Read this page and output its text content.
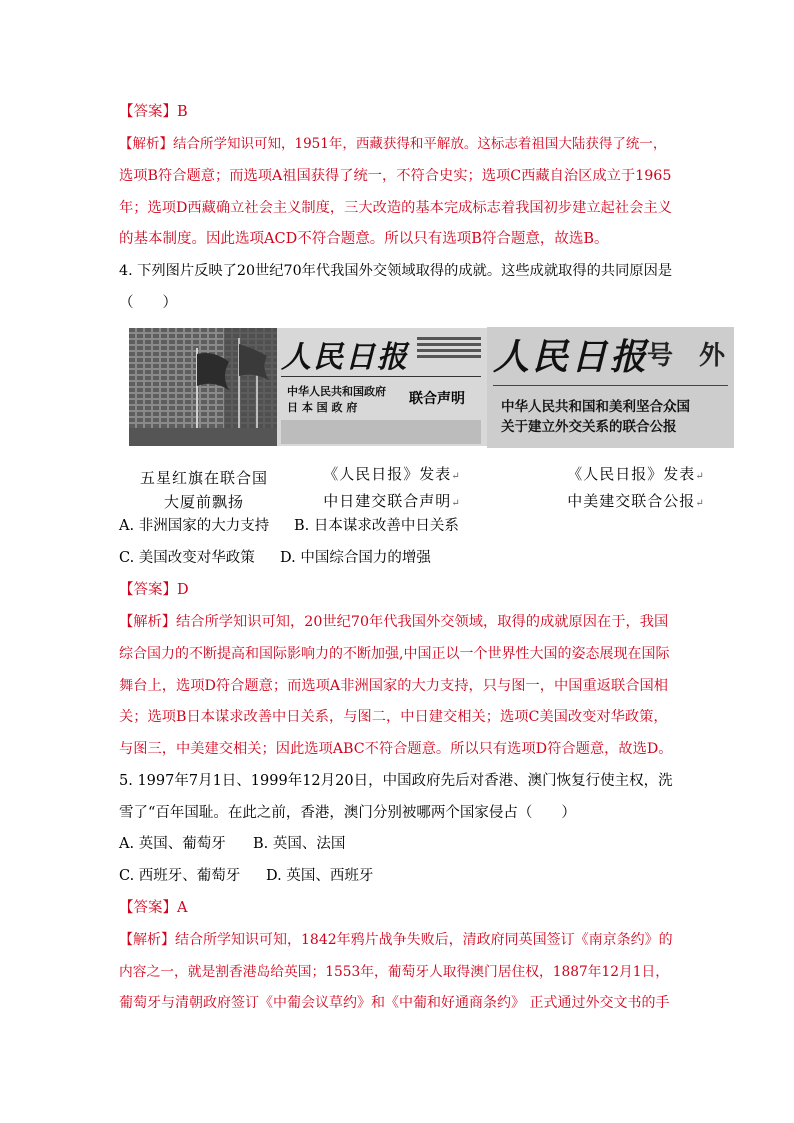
【答案】B
【解析】结合所学知识可知，1951年，西藏获得和平解放。这标志着祖国大陆获得了统一，
选项B符合题意；而选项A祖国获得了统一，不符合史实；选项C西藏自治区成立于1965
年；选项D西藏确立社会主义制度，三大改造的基本完成标志着我国初步建立起社会主义
的基本制度。因此选项ACD不符合题意。所以只有选项B符合题意，故选B。
4. 下列图片反映了20世纪70年代我国外交领域取得的成就。这些成就取得的共同原因是
（　　）
五星红旗在联合国
大厦前飘扬
人民日报
中华人民共和国政府
日 本 国 政 府
联合声明
《人民日报》发表↵
中日建交联合声明↵
人民日报
号　外
中华人民共和国和美利坚合众国
关于建立外交关系的联合公报
《人民日报》发表↵
中美建交联合公报↵
A. 非洲国家的大力支持 B. 日本谋求改善中日关系
C. 美国改变对华政策 D. 中国综合国力的增强
【答案】D
【解析】结合所学知识可知，20世纪70年代我国外交领域，取得的成就原因在于，我国
综合国力的不断提高和国际影响力的不断加强,中国正以一个世界性大国的姿态展现在国际
舞台上，选项D符合题意；而选项A非洲国家的大力支持，只与图一，中国重返联合国相
关；选项B日本谋求改善中日关系，与图二，中日建交相关；选项C美国改变对华政策，
与图三，中美建交相关；因此选项ABC不符合题意。所以只有选项D符合题意，故选D。
5. 1997年7月1日、1999年12月20日，中国政府先后对香港、澳门恢复行使主权，洗
雪了“百年国耻。在此之前，香港，澳门分别被哪两个国家侵占（　　）
A. 英国、葡萄牙 B. 英国、法国
C. 西班牙、葡萄牙 D. 英国、西班牙
【答案】A
【解析】结合所学知识可知，1842年鸦片战争失败后，清政府同英国签订《南京条约》的
内容之一，就是割香港岛给英国；1553年，葡萄牙人取得澳门居住权，1887年12月1日，
葡萄牙与清朝政府签订《中葡会议草约》和《中葡和好通商条约》 正式通过外交文书的手
